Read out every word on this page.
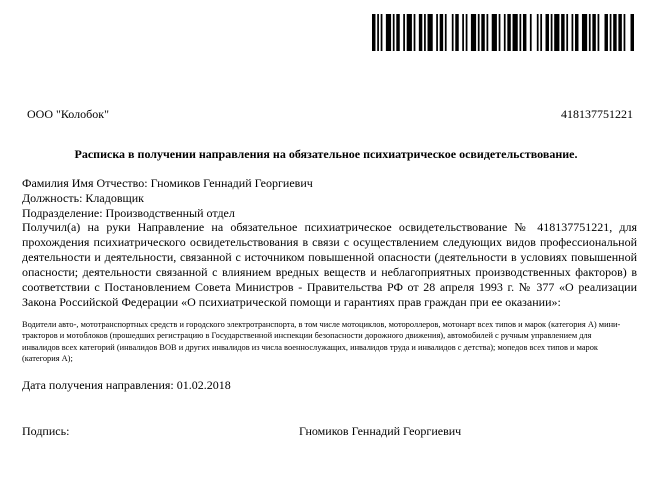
ООО "Колобок"	418137751221
Расписка в получении направления на обязательное психиатрическое освидетельствование.
Фамилия Имя Отчество: Гномиков Геннадий Георгиевич
Должность: Кладовщик
Подразделение: Производственный отдел
Получил(а) на руки Направление на обязательное психиатрическое освидетельствование № 418137751221, для прохождения психиатрического освидетельствования в связи с осуществлением следующих видов профессиональной деятельности и деятельности, связанной с источником повышенной опасности (деятельности в условиях повышенной опасности; деятельности связанной с влиянием вредных веществ и неблагоприятных производственных факторов) в соответствии с Постановлением Совета Министров - Правительства РФ от 28 апреля 1993 г. № 377 «О реализации Закона Российской Федерации «О психиатрической помощи и гарантиях прав граждан при ее оказании»:
Водители авто-, мототранспортных средств и городского электротранспорта, в том числе мотоциклов, мотороллеров, мотонарт всех типов и марок (категория А) мини-тракторов и мотоблоков (прошедших регистрацию в Государственной инспекции безопасности дорожного движения), автомобилей с ручным управлением для инвалидов всех категорий (инвалидов ВОВ и других инвалидов из числа военнослужащих, инвалидов труда и инвалидов с детства); мопедов всех типов и марок (категория А);
Дата получения направления: 01.02.2018
Подпись:	Гномиков Геннадий Георгиевич
